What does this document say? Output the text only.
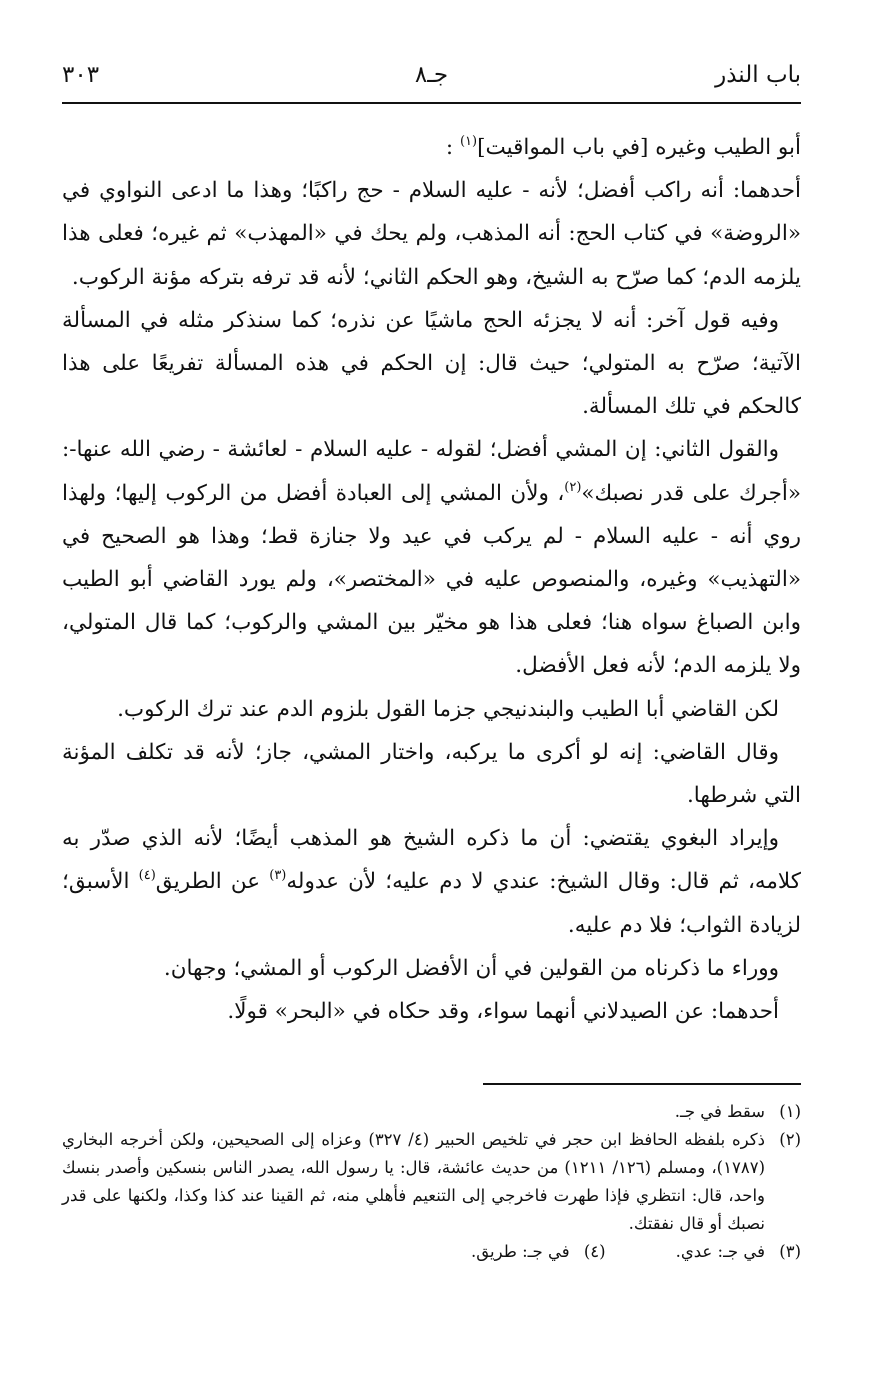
باب النذر
جـ٨
٣٠٣

أبو الطيب وغيره [في باب المواقيت]$^{(١)}$ :

أحدهما: أنه راكب أفضل؛ لأنه - عليه السلام - حج راكبًا؛ وهذا ما ادعى النواوي في «الروضة» في كتاب الحج: أنه المذهب، ولم يحك في «المهذب» ثم غيره؛ فعلى هذا يلزمه الدم؛ كما صرّح به الشيخ، وهو الحكم الثاني؛ لأنه قد ترفه بتركه مؤنة الركوب.

وفيه قول آخر: أنه لا يجزئه الحج ماشيًا عن نذره؛ كما سنذكر مثله في المسألة الآتية؛ صرّح به المتولي؛ حيث قال: إن الحكم في هذه المسألة تفريعًا على هذا كالحكم في تلك المسألة.

والقول الثاني: إن المشي أفضل؛ لقوله - عليه السلام - لعائشة - رضي الله عنها-: «أجرك على قدر نصبك»$^{(٢)}$، ولأن المشي إلى العبادة أفضل من الركوب إليها؛ ولهذا روي أنه - عليه السلام - لم يركب في عيد ولا جنازة قط؛ وهذا هو الصحيح في «التهذيب» وغيره، والمنصوص عليه في «المختصر»، ولم يورد القاضي أبو الطيب وابن الصباغ سواه هنا؛ فعلى هذا هو مخيّر بين المشي والركوب؛ كما قال المتولي، ولا يلزمه الدم؛ لأنه فعل الأفضل.

لكن القاضي أبا الطيب والبندنيجي جزما القول بلزوم الدم عند ترك الركوب.

وقال القاضي: إنه لو أكرى ما يركبه، واختار المشي، جاز؛ لأنه قد تكلف المؤنة التي شرطها.

وإيراد البغوي يقتضي: أن ما ذكره الشيخ هو المذهب أيضًا؛ لأنه الذي صدّر به كلامه، ثم قال: وقال الشيخ: عندي لا دم عليه؛ لأن عدوله$^{(٣)}$ عن الطريق$^{(٤)}$ الأسبق؛ لزيادة الثواب؛ فلا دم عليه.

ووراء ما ذكرناه من القولين في أن الأفضل الركوب أو المشي؛ وجهان.

أحدهما: عن الصيدلاني أنهما سواء، وقد حكاه في «البحر» قولًا.

(١)
سقط في جـ.
(٢)
ذكره بلفظه الحافظ ابن حجر في تلخيص الحبير (٤/ ٣٢٧) وعزاه إلى الصحيحين، ولكن أخرجه البخاري (١٧٨٧)، ومسلم (١٢٦/ ١٢١١) من حديث عائشة، قال: يا رسول الله، يصدر الناس بنسكين وأصدر بنسك واحد، قال: انتظري فإذا طهرت فاخرجي إلى التنعيم فأهلي منه، ثم القينا عند كذا وكذا، ولكنها على قدر نصبك أو قال نفقتك.
(٣)
في جـ: عدي.
(٤)
في جـ: طريق.
